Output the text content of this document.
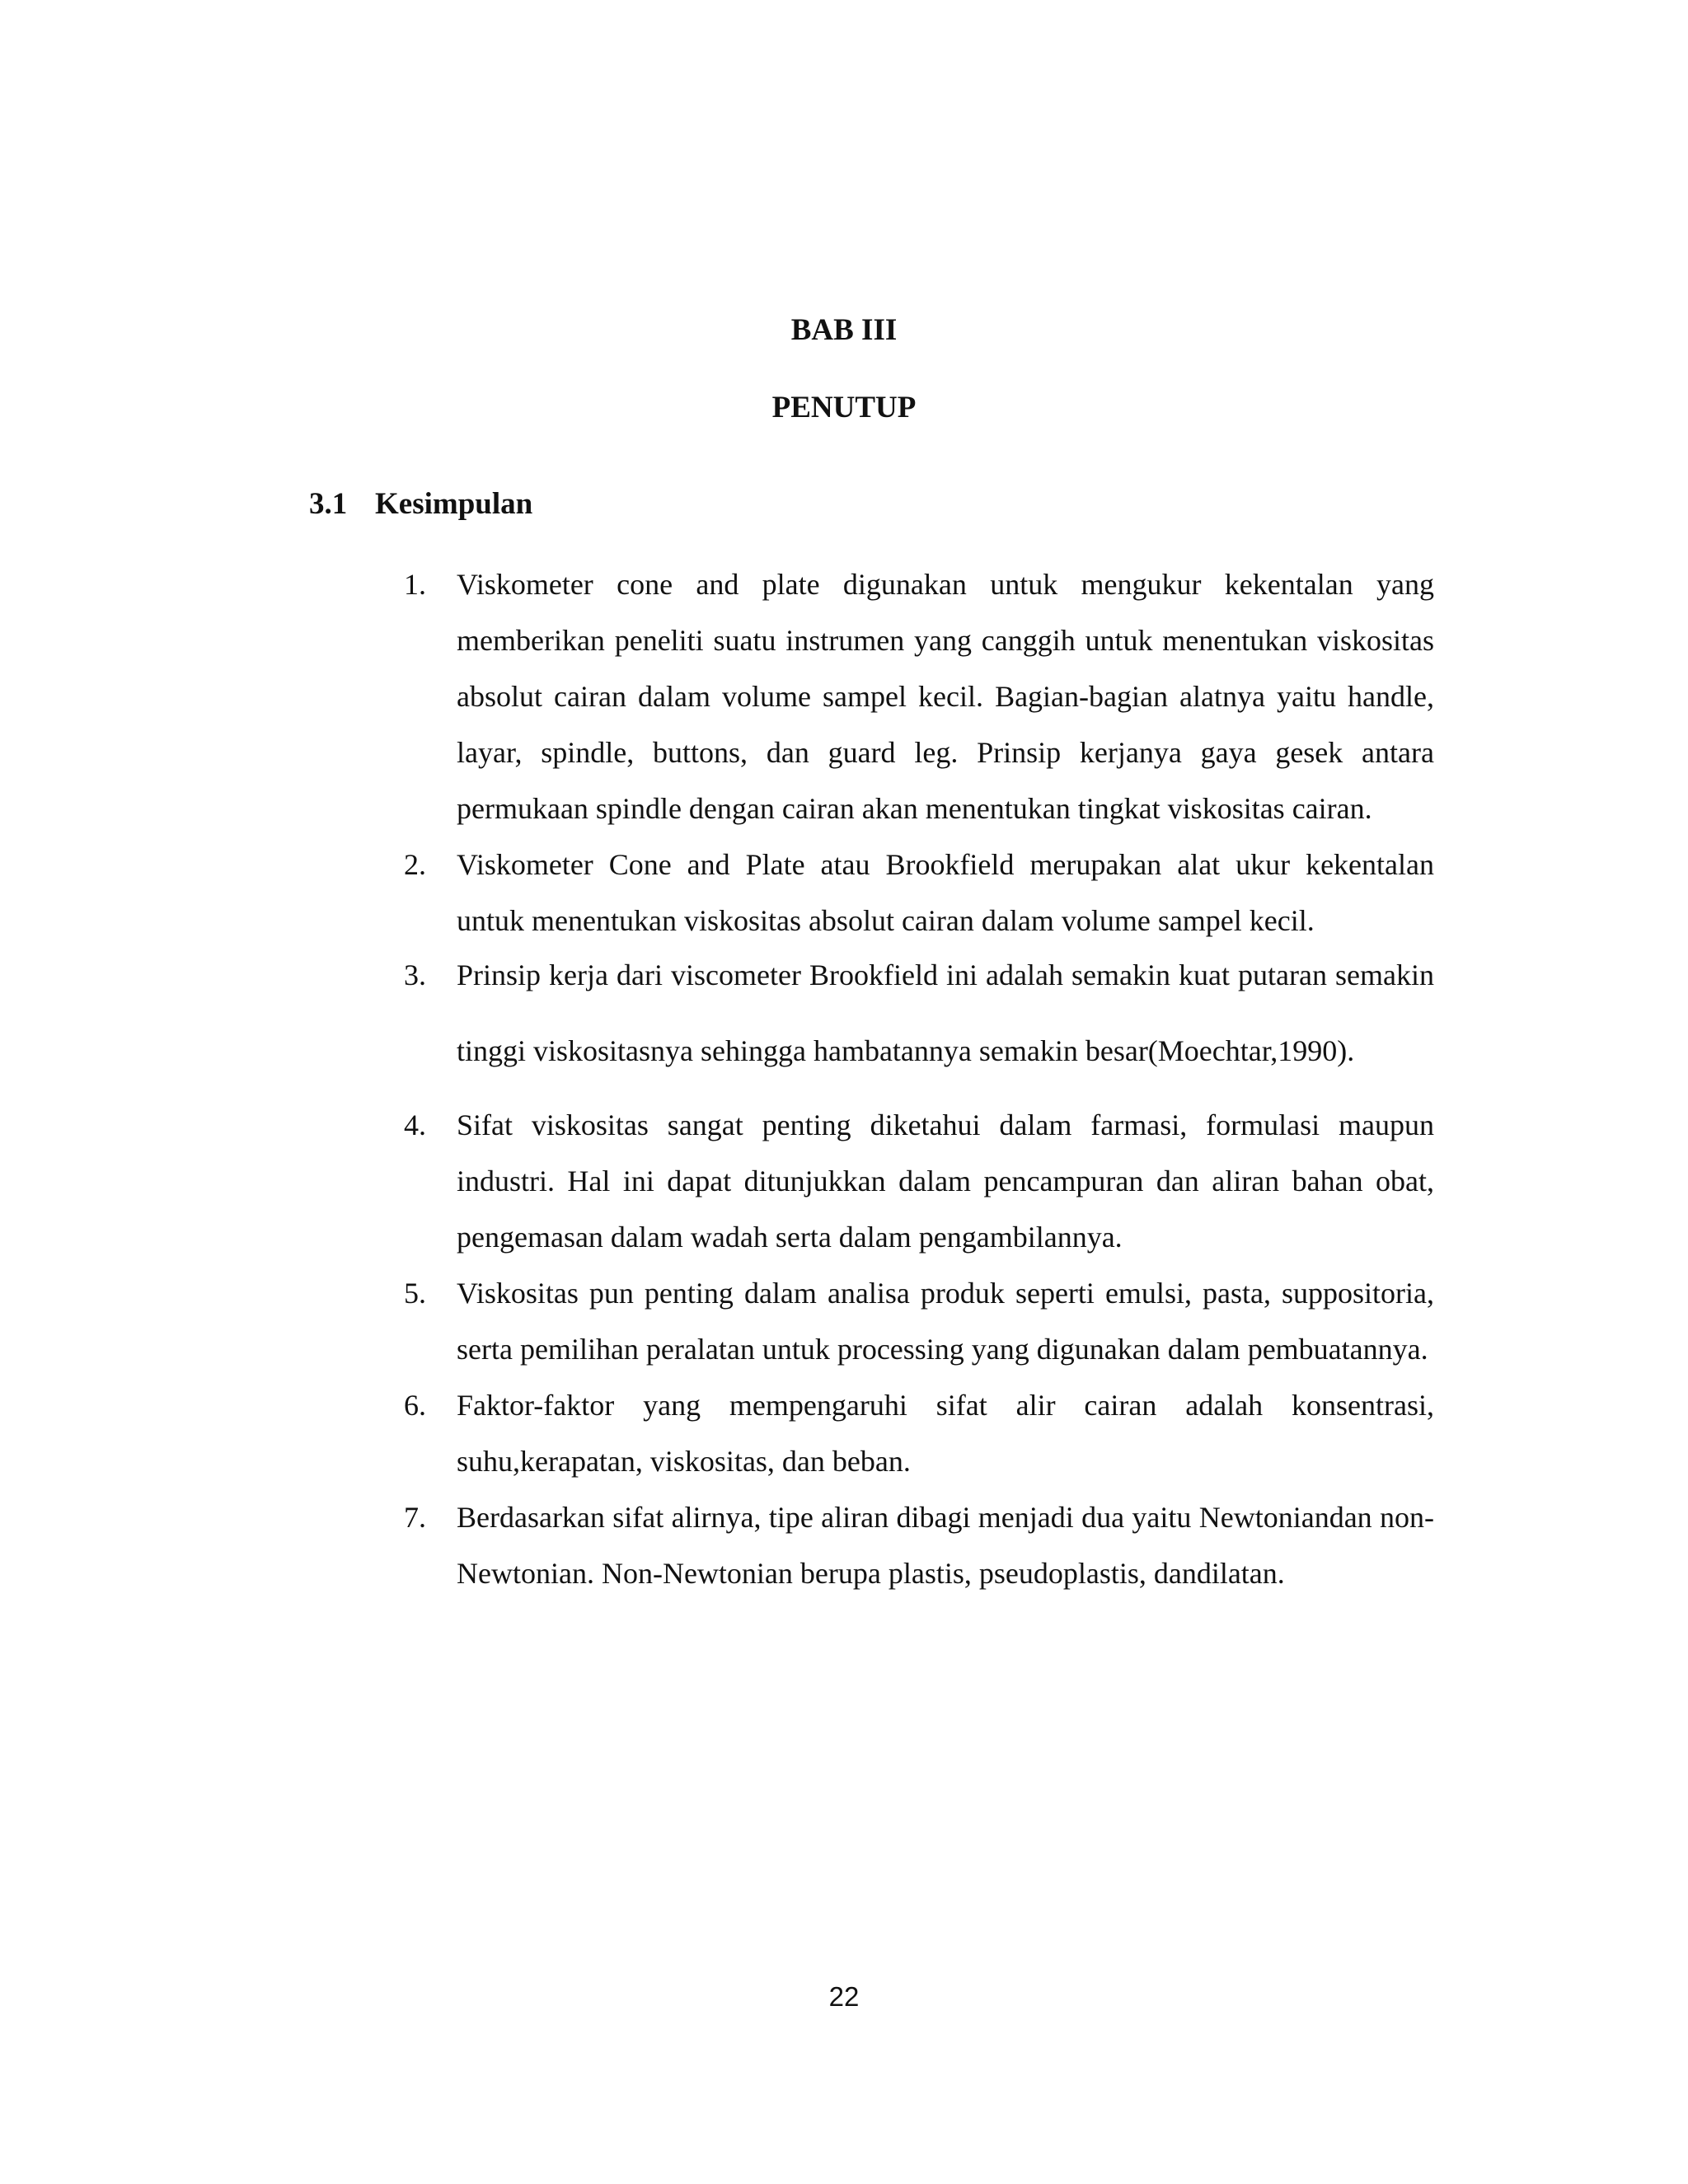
BAB III
PENUTUP
3.1 Kesimpulan
1.	Viskometer cone and plate digunakan untuk mengukur kekentalan yang memberikan peneliti suatu instrumen yang canggih untuk menentukan viskositas absolut cairan dalam volume sampel kecil. Bagian-bagian alatnya yaitu handle, layar, spindle, buttons, dan guard leg. Prinsip kerjanya gaya gesek antara permukaan spindle dengan cairan akan menentukan tingkat viskositas cairan.
2.	Viskometer Cone and Plate atau Brookfield merupakan alat ukur kekentalan untuk menentukan viskositas absolut cairan dalam volume sampel kecil.
3.	Prinsip kerja dari viscometer Brookfield ini adalah semakin kuat putaran semakin tinggi viskositasnya sehingga hambatannya semakin besar(Moechtar,1990).
4.	Sifat viskositas sangat penting diketahui dalam farmasi, formulasi maupun industri. Hal ini dapat ditunjukkan dalam pencampuran dan aliran bahan obat, pengemasan dalam wadah serta dalam pengambilannya.
5.	Viskositas pun penting dalam analisa produk seperti emulsi, pasta, suppositoria, serta pemilihan peralatan untuk processing yang digunakan dalam pembuatannya.
6.	Faktor-faktor yang mempengaruhi sifat alir cairan adalah konsentrasi, suhu,kerapatan, viskositas, dan beban.
7.	Berdasarkan sifat alirnya, tipe aliran dibagi menjadi dua yaitu Newtoniandan non-Newtonian. Non-Newtonian berupa plastis, pseudoplastis, dandilatan.
22
